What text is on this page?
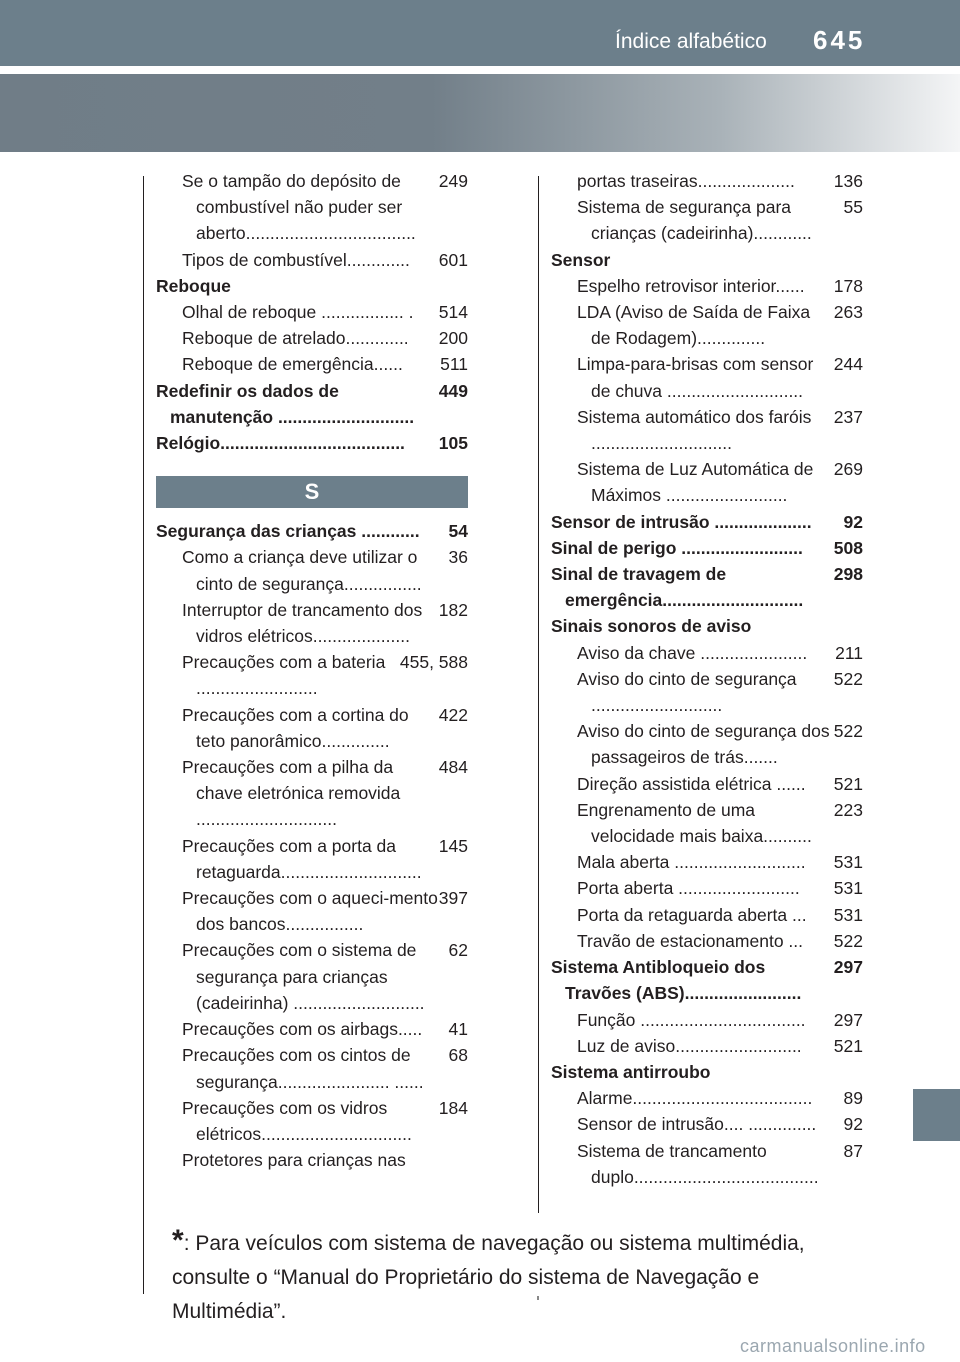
Índice alfabético 645
249
Se o tampão do depósito de combustível não puder ser aberto...................................
601
Tipos de combustível.............
Reboque
514
Olhal de reboque ................. .
200
Reboque de atrelado.............
511
Reboque de emergência......
449
Redefinir os dados de manutenção ............................
105
Relógio......................................
S
54
Segurança das crianças ............
36
Como a criança deve utilizar o cinto de segurança................
182
Interruptor de trancamento dos vidros elétricos....................
455, 588
Precauções com a bateria .........................
422
Precauções com a cortina do teto panorâmico..............
484
Precauções com a pilha da chave eletrónica removida .............................
145
Precauções com a porta da retaguarda.............................
397
Precauções com o aqueci-mento dos bancos................
62
Precauções com o sistema de segurança para crianças (cadeirinha) ...........................
41
Precauções com os airbags.....
68
Precauções com os cintos de segurança....................... ......
184
Precauções com os vidros elétricos...............................
Protetores para crianças nas
136
portas traseiras....................
55
Sistema de segurança para crianças (cadeirinha)............
Sensor
178
Espelho retrovisor interior......
263
LDA (Aviso de Saída de Faixa de Rodagem)..............
244
Limpa-para-brisas com sensor de chuva ............................
237
Sistema automático dos faróis .............................
269
Sistema de Luz Automática de Máximos .........................
92
Sensor de intrusão ....................
508
Sinal de perigo .........................
298
Sinal de travagem de emergência.............................
Sinais sonoros de aviso
211
Aviso da chave ......................
522
Aviso do cinto de segurança ...........................
522
Aviso do cinto de segurança dos passageiros de trás.......
521
Direção assistida elétrica ......
223
Engrenamento de uma velocidade mais baixa..........
531
Mala aberta ...........................
531
Porta aberta .........................
531
Porta da retaguarda aberta ...
522
Travão de estacionamento ...
297
Sistema Antibloqueio dos Travões (ABS)........................
297
Função ..................................
521
Luz de aviso..........................
Sistema antirroubo
89
Alarme.....................................
92
Sensor de intrusão.... ..............
87
Sistema de trancamento duplo......................................
*: Para veículos com sistema de navegação ou sistema multimédia, consulte o “Manual do Proprietário do sistema de Navegação e Multimédia”.
carmanualsonline.info
